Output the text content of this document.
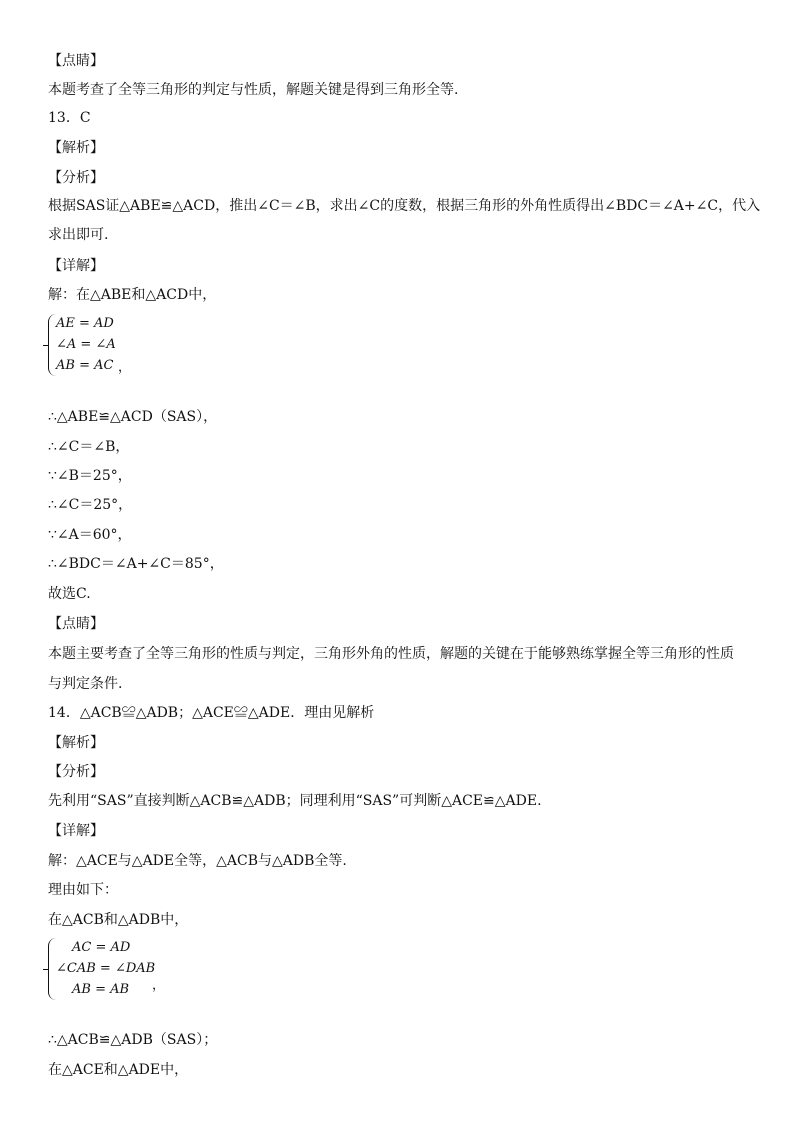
【点睛】
本题考查了全等三角形的判定与性质，解题关键是得到三角形全等.
13．C
【解析】
【分析】
根据SAS证△ABE≌△ACD，推出∠C＝∠B，求出∠C的度数，根据三角形的外角性质得出∠BDC＝∠A+∠C，代入
求出即可.
【详解】
解：在△ABE和△ACD中，
AE = AD
∠A = ∠A
AB = AC ，
∴△ABE≌△ACD（SAS），
∴∠C＝∠B，
∵∠B＝25°，
∴∠C＝25°，
∵∠A＝60°，
∴∠BDC＝∠A+∠C＝85°，
故选C.
【点睛】
本题主要考查了全等三角形的性质与判定，三角形外角的性质，解题的关键在于能够熟练掌握全等三角形的性质
与判定条件.
14．△ACB≌△ADB；△ACE≌△ADE．理由见解析
【解析】
【分析】
先利用“SAS”直接判断△ACB≌△ADB；同理利用“SAS”可判断△ACE≌△ADE.
【详解】
解：△ACE与△ADE全等，△ACB与△ADB全等.
理由如下：
在△ACB和△ADB中，
AC = AD
∠CAB = ∠DAB
AB = AB ，
∴△ACB≌△ADB（SAS）；
在△ACE和△ADE中，
